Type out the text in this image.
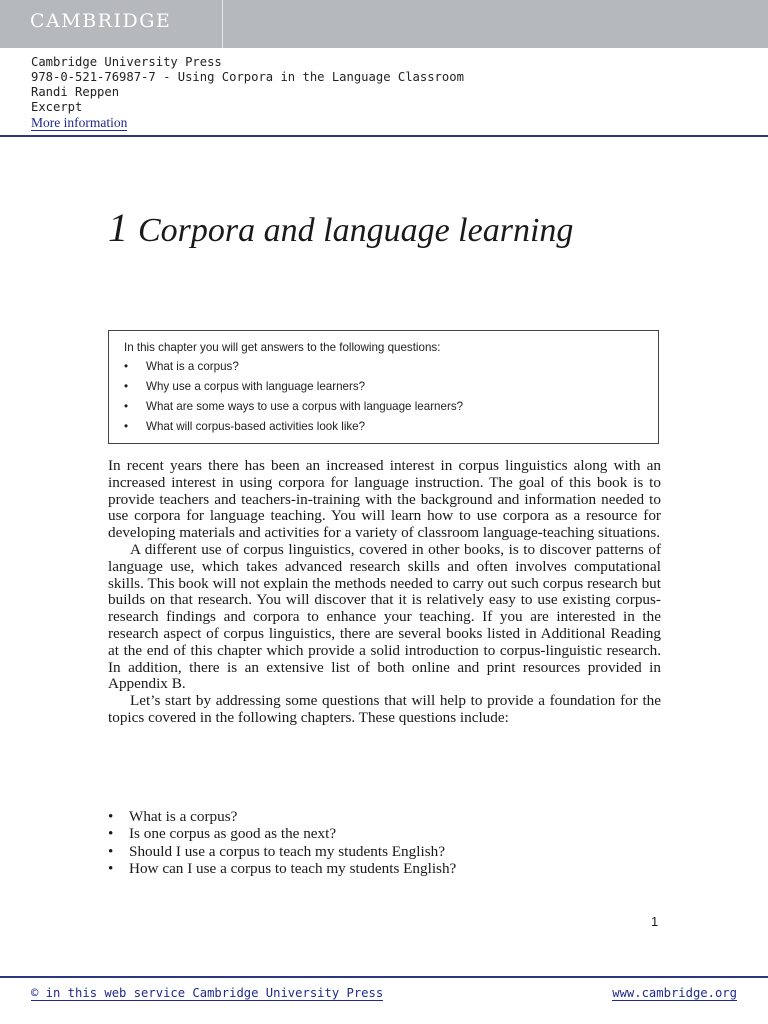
CAMBRIDGE
Cambridge University Press
978-0-521-76987-7 - Using Corpora in the Language Classroom
Randi Reppen
Excerpt
More information
1 Corpora and language learning
In this chapter you will get answers to the following questions:
• What is a corpus?
• Why use a corpus with language learners?
• What are some ways to use a corpus with language learners?
• What will corpus-based activities look like?

In recent years there has been an increased interest in corpus linguistics along with an increased interest in using corpora for language instruction. The goal of this book is to provide teachers and teachers-in-training with the background and information needed to use corpora for language teaching. You will learn how to use corpora as a resource for developing materials and activities for a variety of classroom language-teaching situations.

A different use of corpus linguistics, covered in other books, is to discover patterns of language use, which takes advanced research skills and often involves computational skills. This book will not explain the methods needed to carry out such corpus research but builds on that research. You will discover that it is relatively easy to use existing corpus-research findings and corpora to enhance your teaching. If you are interested in the research aspect of corpus linguistics, there are several books listed in Additional Reading at the end of this chapter which provide a solid introduction to corpus-linguistic research. In addition, there is an extensive list of both online and print resources provided in Appendix B.

Let’s start by addressing some questions that will help to provide a foundation for the topics covered in the following chapters. These questions include:

• What is a corpus?
• Is one corpus as good as the next?
• Should I use a corpus to teach my students English?
• How can I use a corpus to teach my students English?
1
© in this web service Cambridge University Press	www.cambridge.org
